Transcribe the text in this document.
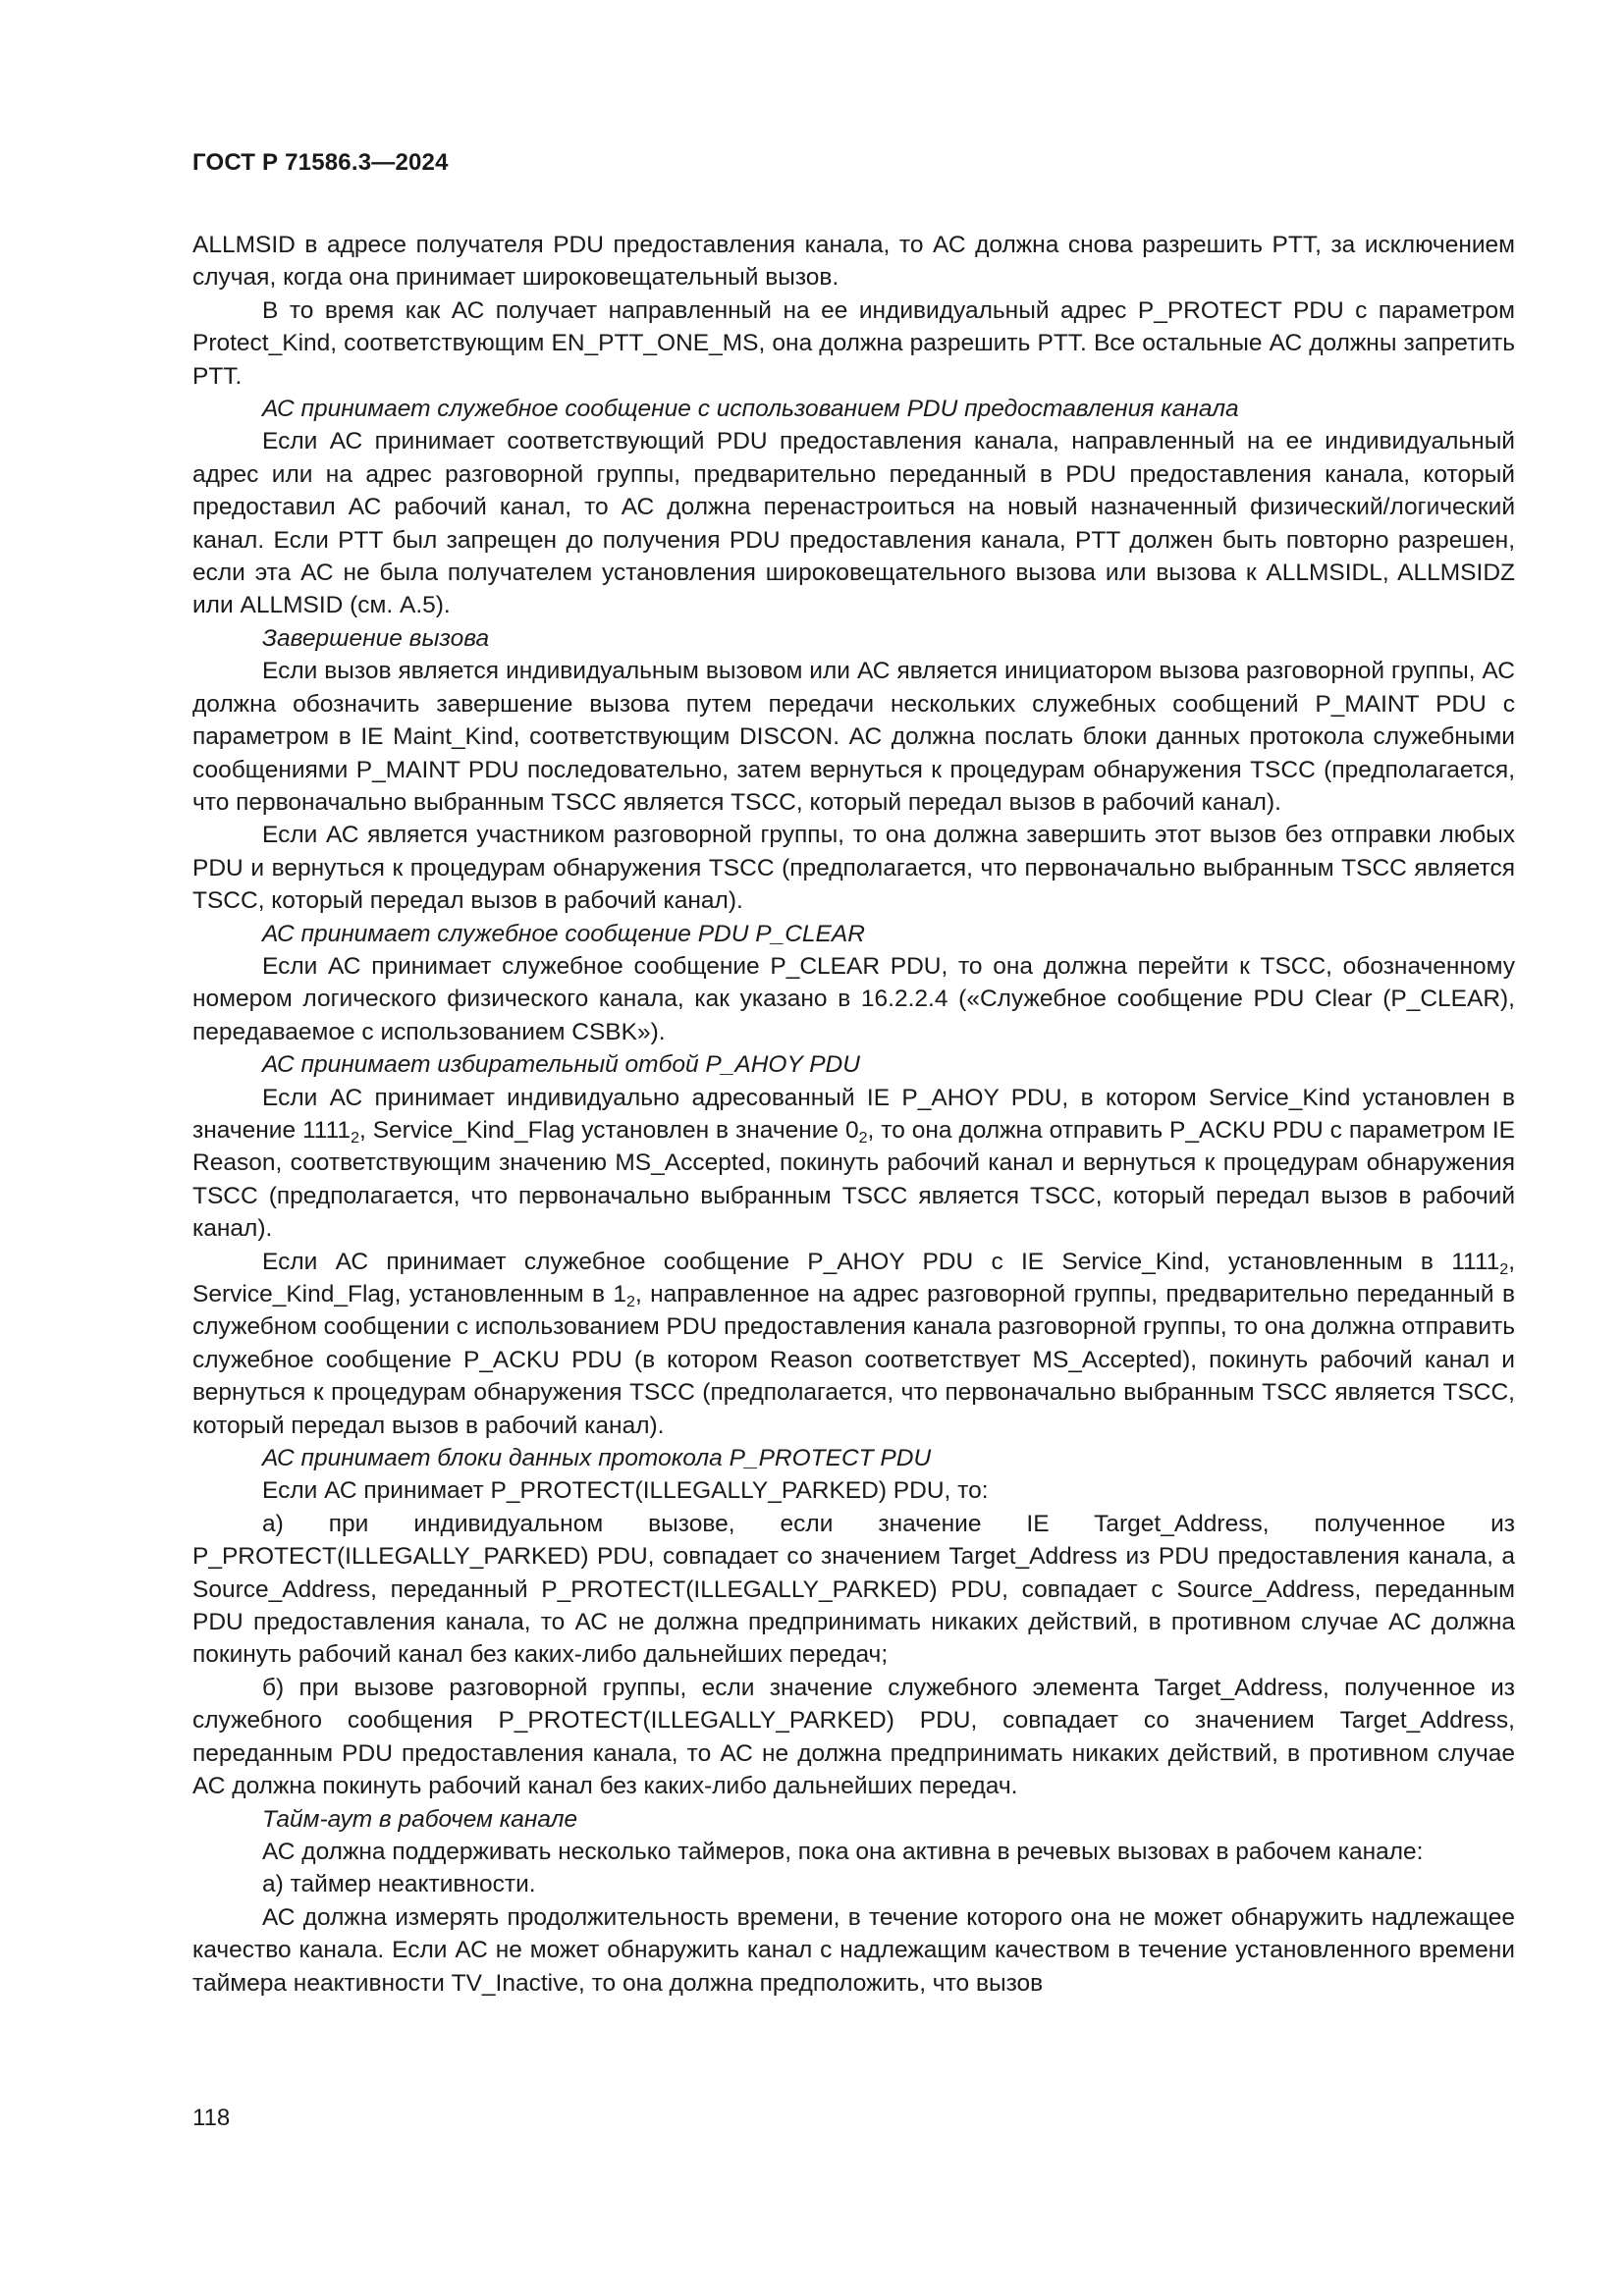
ГОСТ Р 71586.3—2024

ALLMSID в адресе получателя PDU предоставления канала, то АС должна снова разрешить PTT, за исключением случая, когда она принимает широковещательный вызов.

В то время как АС получает направленный на ее индивидуальный адрес P_PROTECT PDU с параметром Protect_Kind, соответствующим EN_PTT_ONE_MS, она должна разрешить PTT. Все остальные АС должны запретить PTT.

АС принимает служебное сообщение с использованием PDU предоставления канала

Если АС принимает соответствующий PDU предоставления канала, направленный на ее индивидуальный адрес или на адрес разговорной группы, предварительно переданный в PDU предоставления канала, который предоставил АС рабочий канал, то АС должна перенастроиться на новый назначенный физический/логический канал. Если PTT был запрещен до получения PDU предоставления канала, PTT должен быть повторно разрешен, если эта АС не была получателем установления широковещательного вызова или вызова к ALLMSIDL, ALLMSIDZ или ALLMSID (см. А.5).

Завершение вызова

Если вызов является индивидуальным вызовом или АС является инициатором вызова разговорной группы, АС должна обозначить завершение вызова путем передачи нескольких служебных сообщений P_MAINT PDU с параметром в IE Maint_Kind, соответствующим DISCON. АС должна послать блоки данных протокола служебными сообщениями P_MAINT PDU последовательно, затем вернуться к процедурам обнаружения TSCC (предполагается, что первоначально выбранным TSCC является TSCC, который передал вызов в рабочий канал).

Если АС является участником разговорной группы, то она должна завершить этот вызов без отправки любых PDU и вернуться к процедурам обнаружения TSCC (предполагается, что первоначально выбранным TSCC является TSCC, который передал вызов в рабочий канал).

АС принимает служебное сообщение PDU P_CLEAR

Если АС принимает служебное сообщение P_CLEAR PDU, то она должна перейти к TSCC, обозначенному номером логического физического канала, как указано в 16.2.2.4 («Служебное сообщение PDU Clear (P_CLEAR), передаваемое с использованием CSBK»).

АС принимает избирательный отбой P_AHOY PDU

Если АС принимает индивидуально адресованный IE P_AHOY PDU, в котором Service_Kind установлен в значение $1111_2$, Service_Kind_Flag установлен в значение $0_2$, то она должна отправить P_ACKU PDU с параметром IE Reason, соответствующим значению MS_Accepted, покинуть рабочий канал и вернуться к процедурам обнаружения TSCC (предполагается, что первоначально выбранным TSCC является TSCC, который передал вызов в рабочий канал).

Если АС принимает служебное сообщение P_AHOY PDU с IE Service_Kind, установленным в $1111_2$, Service_Kind_Flag, установленным в $1_2$, направленное на адрес разговорной группы, предварительно переданный в служебном сообщении с использованием PDU предоставления канала разговорной группы, то она должна отправить служебное сообщение P_ACKU PDU (в котором Reason соответствует MS_Accepted), покинуть рабочий канал и вернуться к процедурам обнаружения TSCC (предполагается, что первоначально выбранным TSCC является TSCC, который передал вызов в рабочий канал).

АС принимает блоки данных протокола P_PROTECT PDU

Если АС принимает P_PROTECT(ILLEGALLY_PARKED) PDU, то:

а) при индивидуальном вызове, если значение IE Target_Address, полученное из P_PROTECT(ILLEGALLY_PARKED) PDU, совпадает со значением Target_Address из PDU предоставления канала, а Source_Address, переданный P_PROTECT(ILLEGALLY_PARKED) PDU, совпадает с Source_Address, переданным PDU предоставления канала, то АС не должна предпринимать никаких действий, в противном случае АС должна покинуть рабочий канал без каких-либо дальнейших передач;

б) при вызове разговорной группы, если значение служебного элемента Target_Address, полученное из служебного сообщения P_PROTECT(ILLEGALLY_PARKED) PDU, совпадает со значением Target_Address, переданным PDU предоставления канала, то АС не должна предпринимать никаких действий, в противном случае АС должна покинуть рабочий канал без каких-либо дальнейших передач.

Тайм-аут в рабочем канале

АС должна поддерживать несколько таймеров, пока она активна в речевых вызовах в рабочем канале:

а) таймер неактивности.

АС должна измерять продолжительность времени, в течение которого она не может обнаружить надлежащее качество канала. Если АС не может обнаружить канал с надлежащим качеством в течение установленного времени таймера неактивности TV_Inactive, то она должна предположить, что вызов

118
